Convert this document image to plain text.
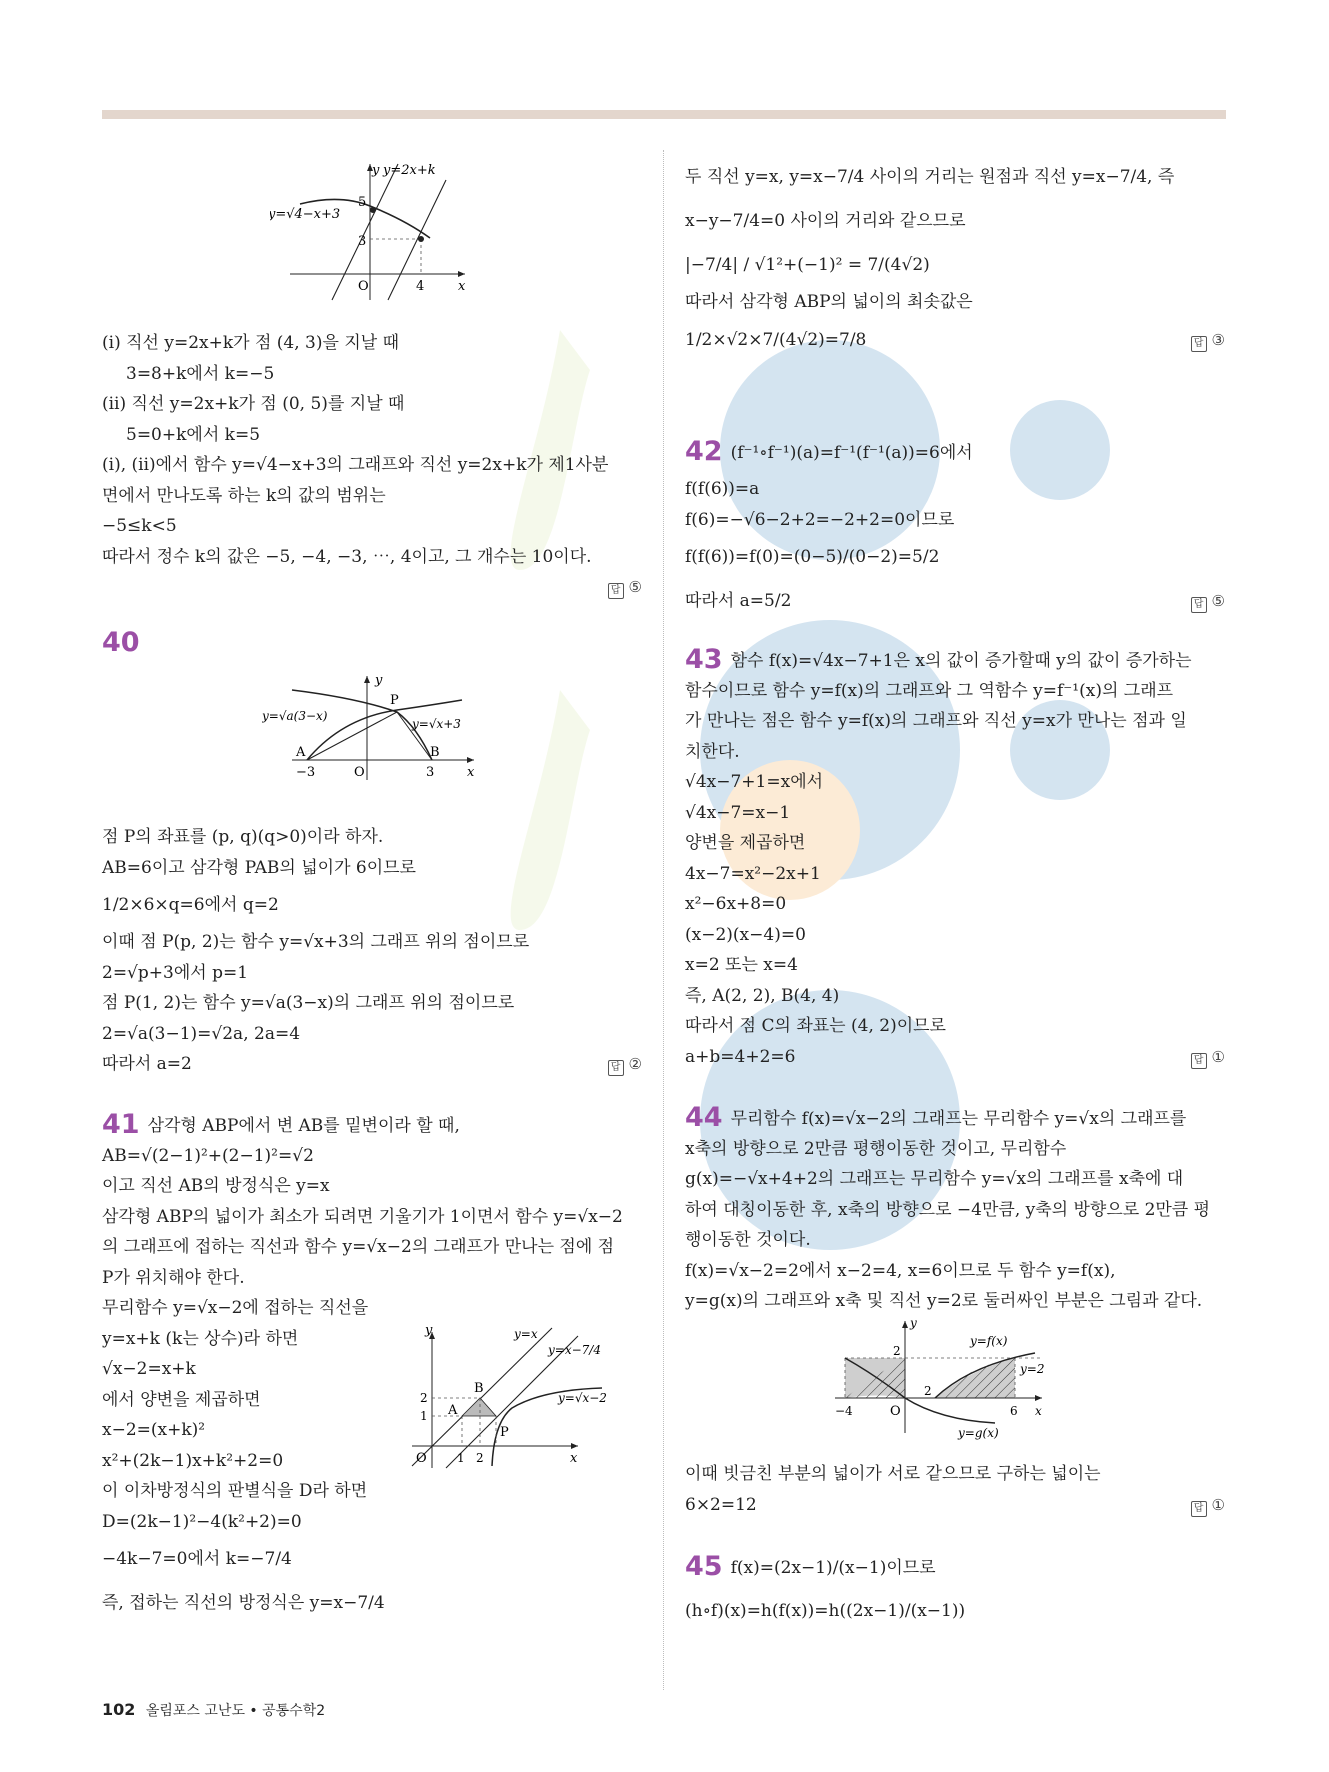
y
x
O
y=2x+k
y=√4−x+3
5
3
4
(ⅰ) 직선 y=2x+k가 점 (4, 3)을 지날 때
3=8+k에서 k=−5
(ⅱ) 직선 y=2x+k가 점 (0, 5)를 지날 때
5=0+k에서 k=5
(ⅰ), (ⅱ)에서 함수 y=√4−x+3의 그래프와 직선 y=2x+k가 제1사분
면에서 만나도록 하는 k의 값의 범위는
−5≤k<5
따라서 정수 k의 값은 −5, −4, −3, ⋯, 4이고, 그 개수는 10이다.
답 ⑤
40
y
x
O
y=√a(3−x)
y=√x+3
A	B
P
−3	3
점 P의 좌표를 (p, q)(q>0)이라 하자.
AB=6이고 삼각형 PAB의 넓이가 6이므로
1/2×6×q=6에서 q=2
이때 점 P(p, 2)는 함수 y=√x+3의 그래프 위의 점이므로
2=√p+3에서 p=1
점 P(1, 2)는 함수 y=√a(3−x)의 그래프 위의 점이므로
2=√a(3−1)=√2a, 2a=4
따라서 a=2	답 ②
41 삼각형 ABP에서 변 AB를 밑변이라 할 때,
AB=√(2−1)²+(2−1)²=√2
이고 직선 AB의 방정식은 y=x
삼각형 ABP의 넓이가 최소가 되려면 기울기가 1이면서 함수 y=√x−2
의 그래프에 접하는 직선과 함수 y=√x−2의 그래프가 만나는 점에 점
P가 위치해야 한다.
무리함수 y=√x−2에 접하는 직선을
y=x+k (k는 상수)라 하면
√x−2=x+k
에서 양변을 제곱하면
x−2=(x+k)²
x²+(2k−1)x+k²+2=0
이 이차방정식의 판별식을 D라 하면
D=(2k−1)²−4(k²+2)=0
−4k−7=0에서 k=−7/4
즉, 접하는 직선의 방정식은 y=x−7/4
y
x
O
y=x
y=x−7/4
y=√x−2
A
B
P
1 2
1
2
두 직선 y=x, y=x−7/4 사이의 거리는 원점과 직선 y=x−7/4, 즉
x−y−7/4=0 사이의 거리와 같으므로
|−7/4| / √1²+(−1)² = 7/(4√2)
따라서 삼각형 ABP의 넓이의 최솟값은
1/2×√2×7/(4√2)=7/8	답 ③
42 (f⁻¹∘f⁻¹)(a)=f⁻¹(f⁻¹(a))=6에서
f(f(6))=a
f(6)=−√6−2+2=−2+2=0이므로
f(f(6))=f(0)=(0−5)/(0−2)=5/2
따라서 a=5/2	답 ⑤
43 함수 f(x)=√4x−7+1은 x의 값이 증가할때 y의 값이 증가하는
함수이므로 함수 y=f(x)의 그래프와 그 역함수 y=f⁻¹(x)의 그래프
가 만나는 점은 함수 y=f(x)의 그래프와 직선 y=x가 만나는 점과 일
치한다.
√4x−7+1=x에서
√4x−7=x−1
양변을 제곱하면
4x−7=x²−2x+1
x²−6x+8=0
(x−2)(x−4)=0
x=2 또는 x=4
즉, A(2, 2), B(4, 4)
따라서 점 C의 좌표는 (4, 2)이므로
a+b=4+2=6	답 ①
44 무리함수 f(x)=√x−2의 그래프는 무리함수 y=√x의 그래프를
x축의 방향으로 2만큼 평행이동한 것이고, 무리함수
g(x)=−√x+4+2의 그래프는 무리함수 y=√x의 그래프를 x축에 대
하여 대칭이동한 후, x축의 방향으로 −4만큼, y축의 방향으로 2만큼 평
행이동한 것이다.
f(x)=√x−2=2에서 x−2=4, x=6이므로 두 함수 y=f(x),
y=g(x)의 그래프와 x축 및 직선 y=2로 둘러싸인 부분은 그림과 같다.
y
x
O
y=f(x)
y=g(x)
y=2
−4	6
2
2
이때 빗금친 부분의 넓이가 서로 같으므로 구하는 넓이는
6×2=12	답 ①
45 f(x)=(2x−1)/(x−1)이므로
(h∘f)(x)=h(f(x))=h((2x−1)/(x−1))
102 올림포스 고난도 • 공통수학2
